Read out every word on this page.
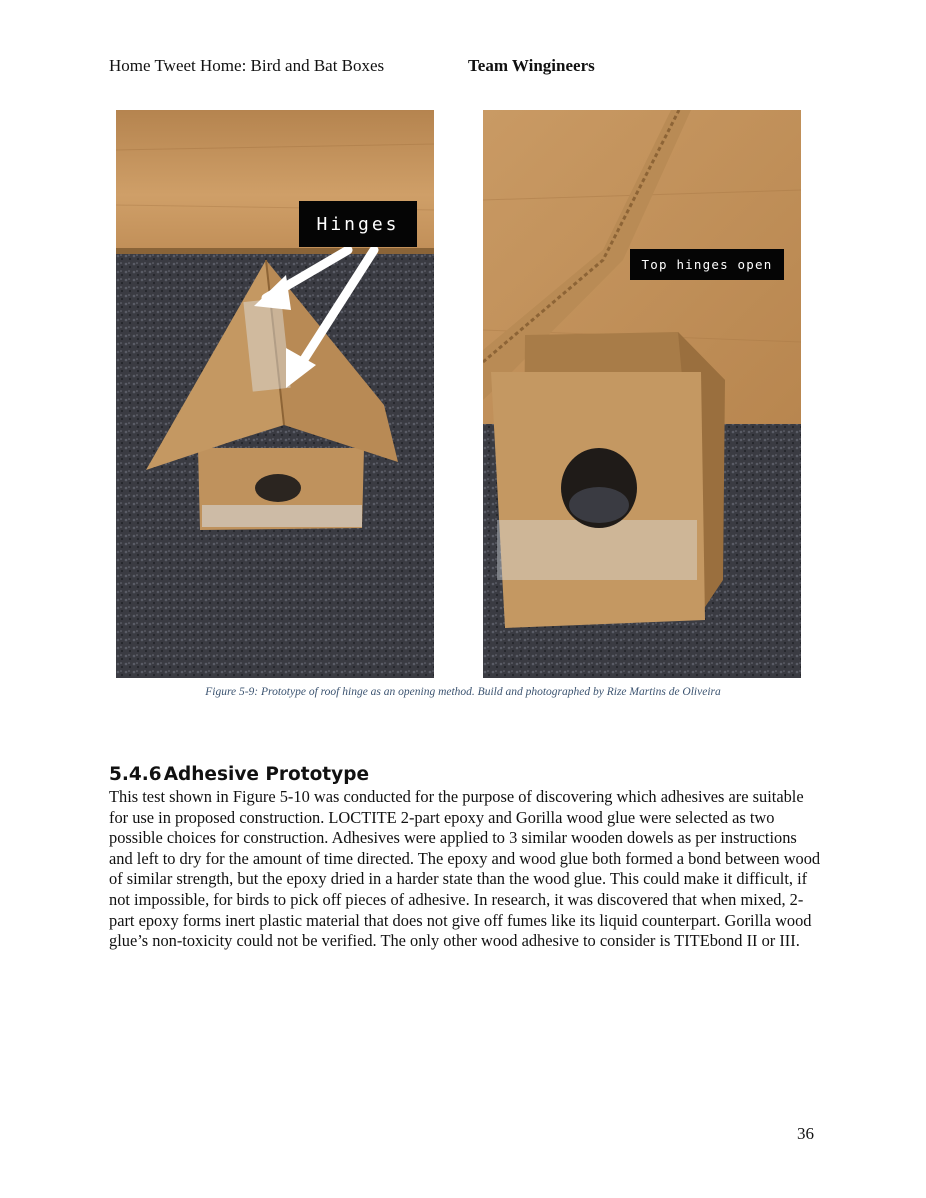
Home Tweet Home: Bird and Bat Boxes	Team Wingineers
Hinges
Top hinges open
Figure 5-9: Prototype of roof hinge as an opening method. Build and photographed by Rize Martins de Oliveira
5.4.6 Adhesive Prototype

This test shown in Figure 5-10 was conducted for the purpose of discovering which adhesives are suitable for use in proposed construction. LOCTITE 2-part epoxy and Gorilla wood glue were selected as two possible choices for construction. Adhesives were applied to 3 similar wooden dowels as per instructions and left to dry for the amount of time directed. The epoxy and wood glue both formed a bond between wood of similar strength, but the epoxy dried in a harder state than the wood glue. This could make it difficult, if not impossible, for birds to pick off pieces of adhesive. In research, it was discovered that when mixed, 2-part epoxy forms inert plastic material that does not give off fumes like its liquid counterpart. Gorilla wood glue’s non-toxicity could not be verified. The only other wood adhesive to consider is TITEbond II or III.

36
